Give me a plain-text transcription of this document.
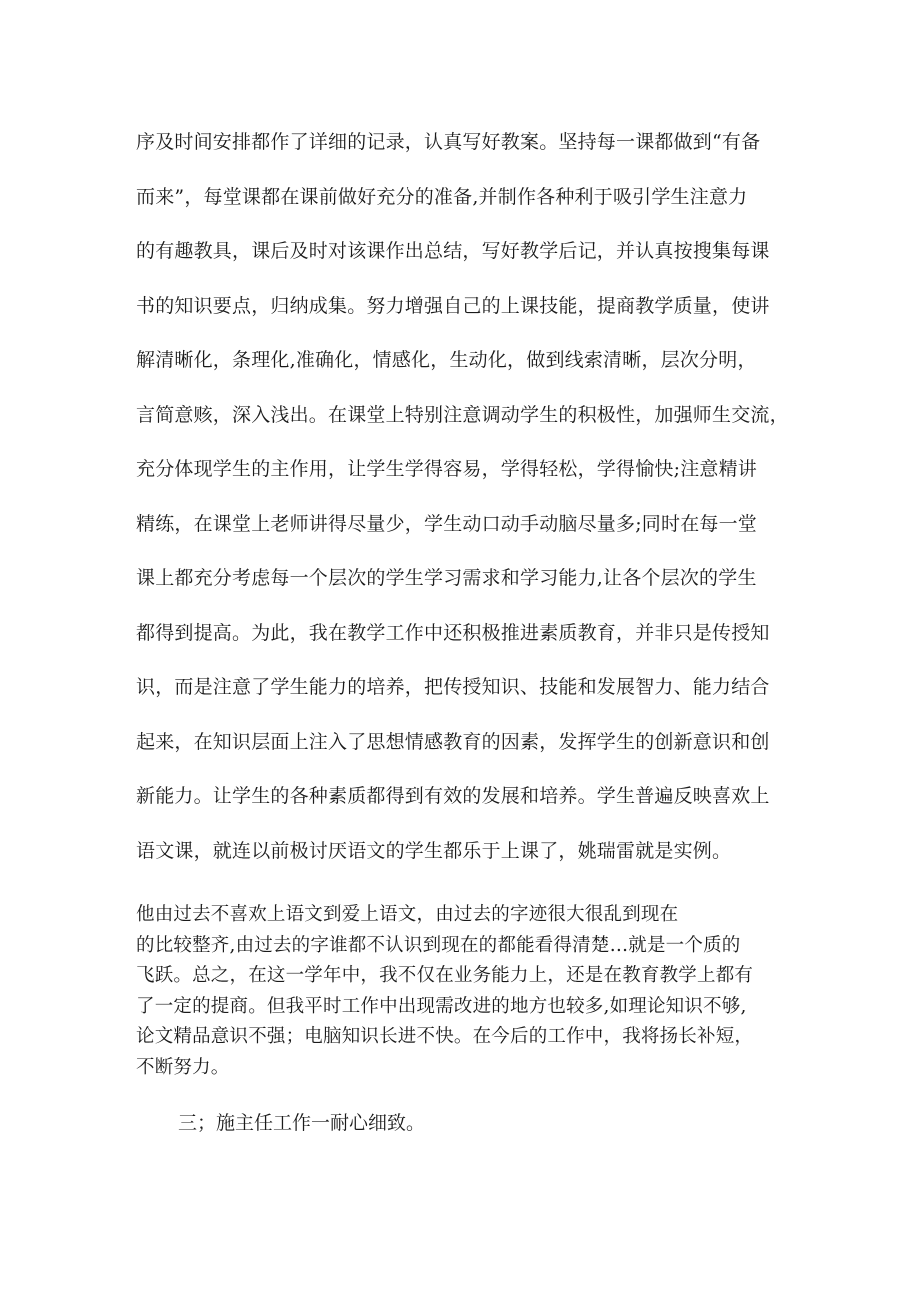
序及时间安排都作了详细的记录，认真写好教案。坚持每一课都做到“有备
而来”，每堂课都在课前做好充分的准备,并制作各种利于吸引学生注意力
的有趣教具，课后及时对该课作出总结，写好教学后记，并认真按搜集每课
书的知识要点，归纳成集。努力增强自己的上课技能，提商教学质量，使讲
解清晰化，条理化,准确化，情感化，生动化，做到线索清晰，层次分明，
言简意赅，深入浅出。在课堂上特别注意调动学生的积极性，加强师生交流，
充分体现学生的主作用，让学生学得容易，学得轻松，学得愉快;注意精讲
精练，在课堂上老师讲得尽量少，学生动口动手动脑尽量多;同时在每一堂
课上都充分考虑每一个层次的学生学习需求和学习能力,让各个层次的学生
都得到提高。为此，我在教学工作中还积极推进素质教育，并非只是传授知
识，而是注意了学生能力的培养，把传授知识、技能和发展智力、能力结合
起来，在知识层面上注入了思想情感教育的因素，发挥学生的创新意识和创
新能力。让学生的各种素质都得到有效的发展和培养。学生普遍反映喜欢上
语文课，就连以前极讨厌语文的学生都乐于上课了，姚瑞雷就是实例。
他由过去不喜欢上语文到爱上语文，由过去的字迹很大很乱到现在
的比较整齐,由过去的字谁都不认识到现在的都能看得清楚…就是一个质的
飞跃。总之，在这一学年中，我不仅在业务能力上，还是在教育教学上都有
了一定的提商。但我平时工作中出现需改进的地方也较多,如理论知识不够,
论文精品意识不强；电脑知识长进不快。在今后的工作中，我将扬长补短，
不断努力。
三；施主任工作一耐心细致。
